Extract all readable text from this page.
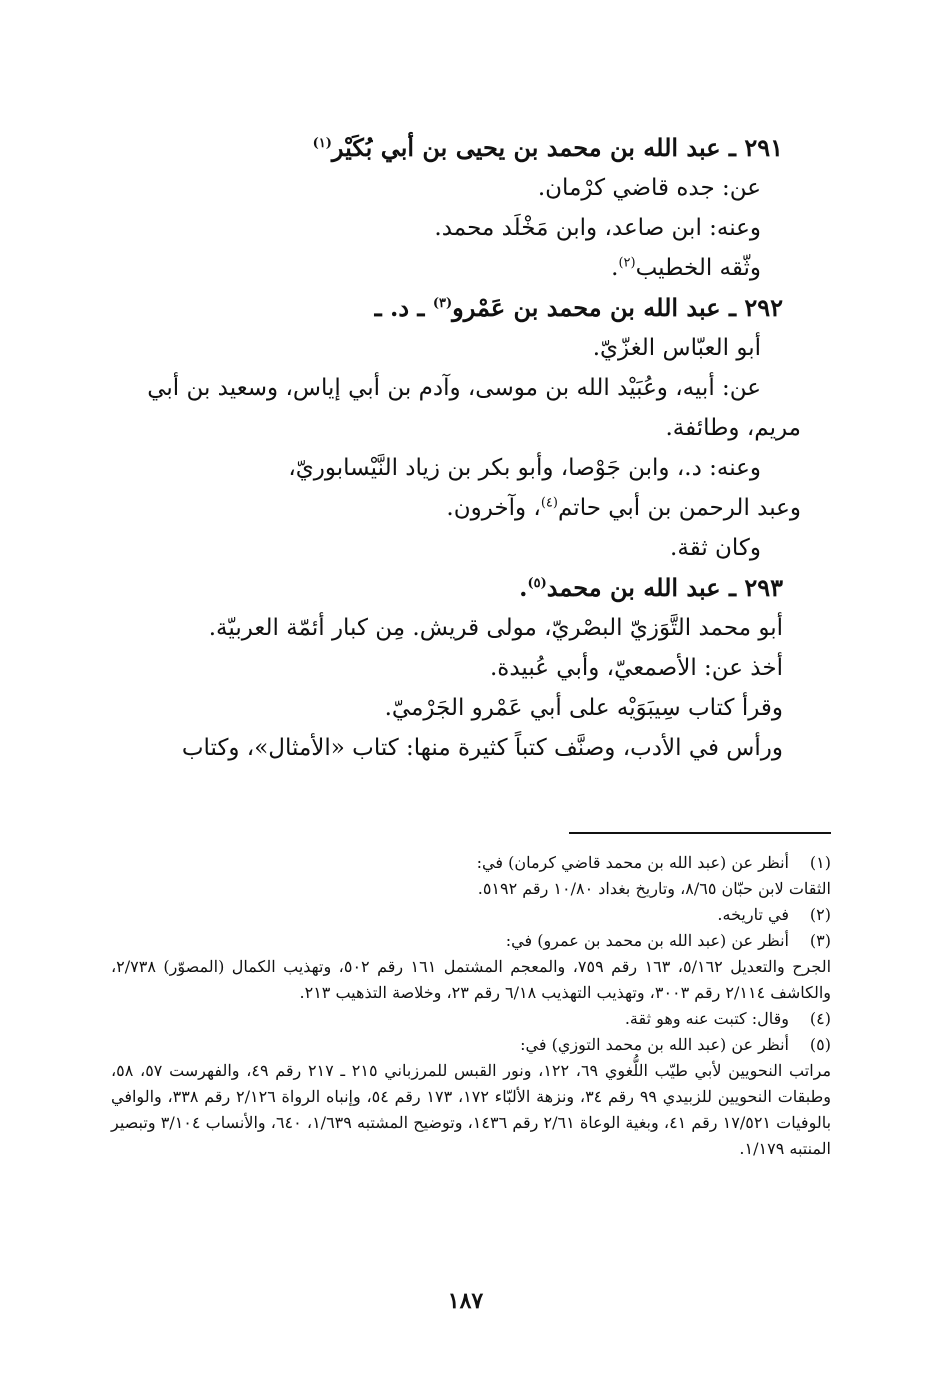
٢٩١ ـ عبد الله بن محمد بن يحيى بن أبي بُكَيْر$^{(١)}$
عن: جده قاضي كرْمان.
وعنه: ابن صاعد، وابن مَخْلَد محمد.
وثّقه الخطيب$^{(٢)}$.
٢٩٢ ـ عبد الله بن محمد بن عَمْرو$^{(٣)}$ ـ د. ـ
أبو العبّاس الغزّيّ.
عن: أبيه، وعُبَيْد الله بن موسى، وآدم بن أبي إياس، وسعيد بن أبي
مريم، وطائفة.
وعنه: د.، وابن جَوْصا، وأبو بكر بن زياد النَّيْسابوريّ،
وعبد الرحمن بن أبي حاتم$^{(٤)}$، وآخرون.
وكان ثقة.
٢٩٣ ـ عبد الله بن محمد$^{(٥)}$.
أبو محمد التَّوَزيّ البصْريّ، مولى قريش. مِن كبار أئمّة العربيّة.
أخذ عن: الأصمعيّ، وأبي عُبيدة.
وقرأ كتاب سِيبَوَيْه على أبي عَمْرو الجَرْميّ.
ورأس في الأدب، وصنَّف كتباً كثيرة منها: كتاب «الأمثال»، وكتاب
(١)
أنظر عن (عبد الله بن محمد قاضي كرمان) في:
الثقات لابن حبّان ٨/٦٥، وتاريخ بغداد ١٠/٨٠ رقم ٥١٩٢.
(٢)
في تاريخه.
(٣)
أنظر عن (عبد الله بن محمد بن عمرو) في:
الجرح والتعديل ٥/١٦٢، ١٦٣ رقم ٧٥٩، والمعجم المشتمل ١٦١ رقم ٥٠٢، وتهذيب الكمال (المصوّر) ٢/٧٣٨، والكاشف ٢/١١٤ رقم ٣٠٠٣، وتهذيب التهذيب ٦/١٨ رقم ٢٣، وخلاصة التذهيب ٢١٣.
(٤)
وقال: كتبت عنه وهو ثقة.
(٥)
أنظر عن (عبد الله بن محمد التوزي) في:
مراتب النحويين لأبي طيّب اللُّغوي ٦٩، ١٢٢، ونور القبس للمرزباني ٢١٥ ـ ٢١٧ رقم ٤٩، والفهرست ٥٧، ٥٨، وطبقات النحويين للزبيدي ٩٩ رقم ٣٤، ونزهة الألبّاء ١٧٢، ١٧٣ رقم ٥٤، وإنباه الرواة ٢/١٢٦ رقم ٣٣٨، والوافي بالوفيات ١٧/٥٢١ رقم ٤١، وبغية الوعاة ٢/٦١ رقم ١٤٣٦، وتوضيح المشتبه ١/٦٣٩، ٦٤٠، والأنساب ٣/١٠٤ وتبصير المنتبه ١/١٧٩.
١٨٧
